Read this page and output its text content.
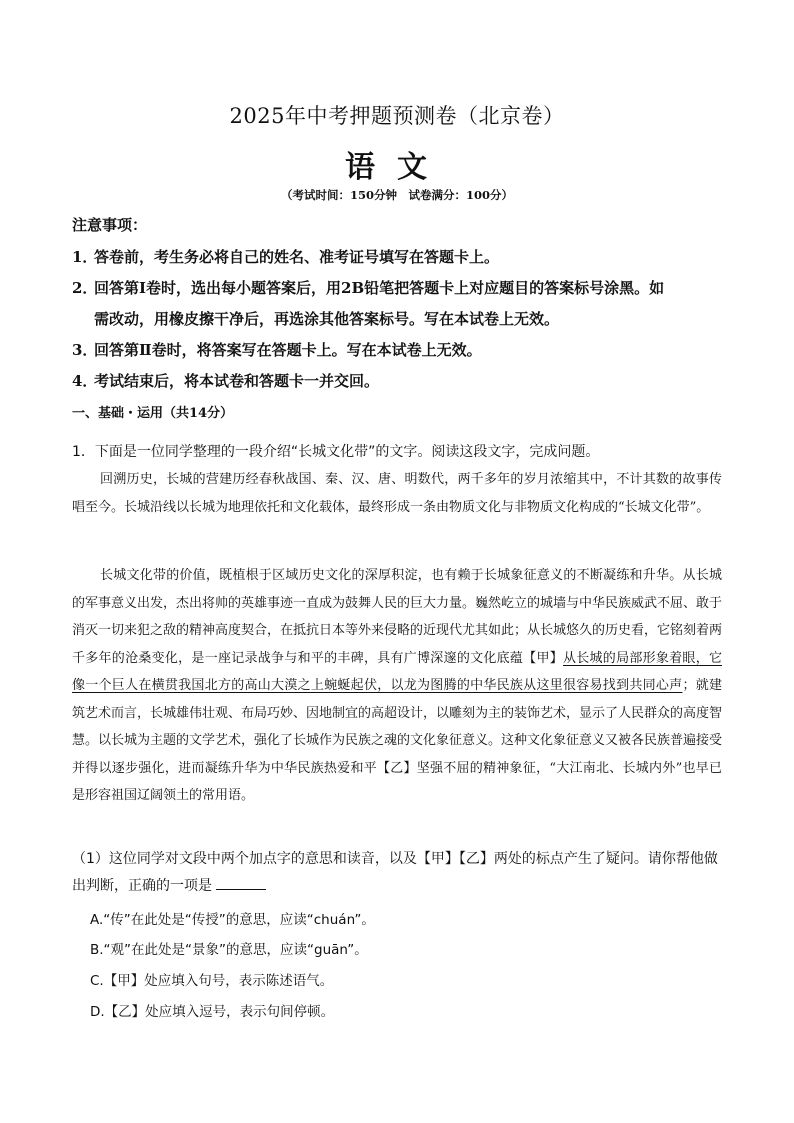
2025年中考押题预测卷（北京卷）
语文
（考试时间：150分钟　试卷满分：100分）
注意事项：
1．答卷前，考生务必将自己的姓名、准考证号填写在答题卡上。
2．回答第Ⅰ卷时，选出每小题答案后，用2B铅笔把答题卡上对应题目的答案标号涂黑。如
需改动，用橡皮擦干净后，再选涂其他答案标号。写在本试卷上无效。
3．回答第Ⅱ卷时，将答案写在答题卡上。写在本试卷上无效。
4．考试结束后，将本试卷和答题卡一并交回。
一、基础・运用（共14分）
1．下面是一位同学整理的一段介绍“长城文化带”的文字。阅读这段文字，完成问题。
回溯历史，长城的营建历经春秋战国、秦、汉、唐、明数代，两千多年的岁月浓缩其中，不计其数的故事传唱至今。长城沿线以长城为地理依托和文化载体，最终形成一条由物质文化与非物质文化构成的“长城文化带”。
长城文化带的价值，既植根于区域历史文化的深厚积淀，也有赖于长城象征意义的不断凝练和升华。从长城的军事意义出发，杰出将帅的英雄事迹一直成为鼓舞人民的巨大力量。巍然屹立的城墙与中华民族威武不屈、敢于消灭一切来犯之敌的精神高度契合，在抵抗日本等外来侵略的近现代尤其如此；从长城悠久的历史看，它铭刻着两千多年的沧桑变化，是一座记录战争与和平的丰碑，具有广博深邃的文化底蕴【甲】从长城的局部形象着眼，它像一个巨人在横贯我国北方的高山大漠之上蜿蜒起伏，以龙为图腾的中华民族从这里很容易找到共同心声；就建筑艺术而言，长城雄伟壮观、布局巧妙、因地制宜的高超设计，以雕刻为主的装饰艺术，显示了人民群众的高度智慧。以长城为主题的文学艺术，强化了长城作为民族之魂的文化象征意义。这种文化象征意义又被各民族普遍接受并得以逐步强化，进而凝练升华为中华民族热爱和平【乙】坚强不屈的精神象征，“大江南北、长城内外”也早已是形容祖国辽阔领土的常用语。
（1）这位同学对文段中两个加点字的意思和读音，以及【甲】【乙】两处的标点产生了疑问。请你帮他做出判断，正确的一项是
A.“传”在此处是“传授”的意思，应读“chuán”。
B.“观”在此处是“景象”的意思，应读“guān”。
C.【甲】处应填入句号，表示陈述语气。
D.【乙】处应填入逗号，表示句间停顿。
